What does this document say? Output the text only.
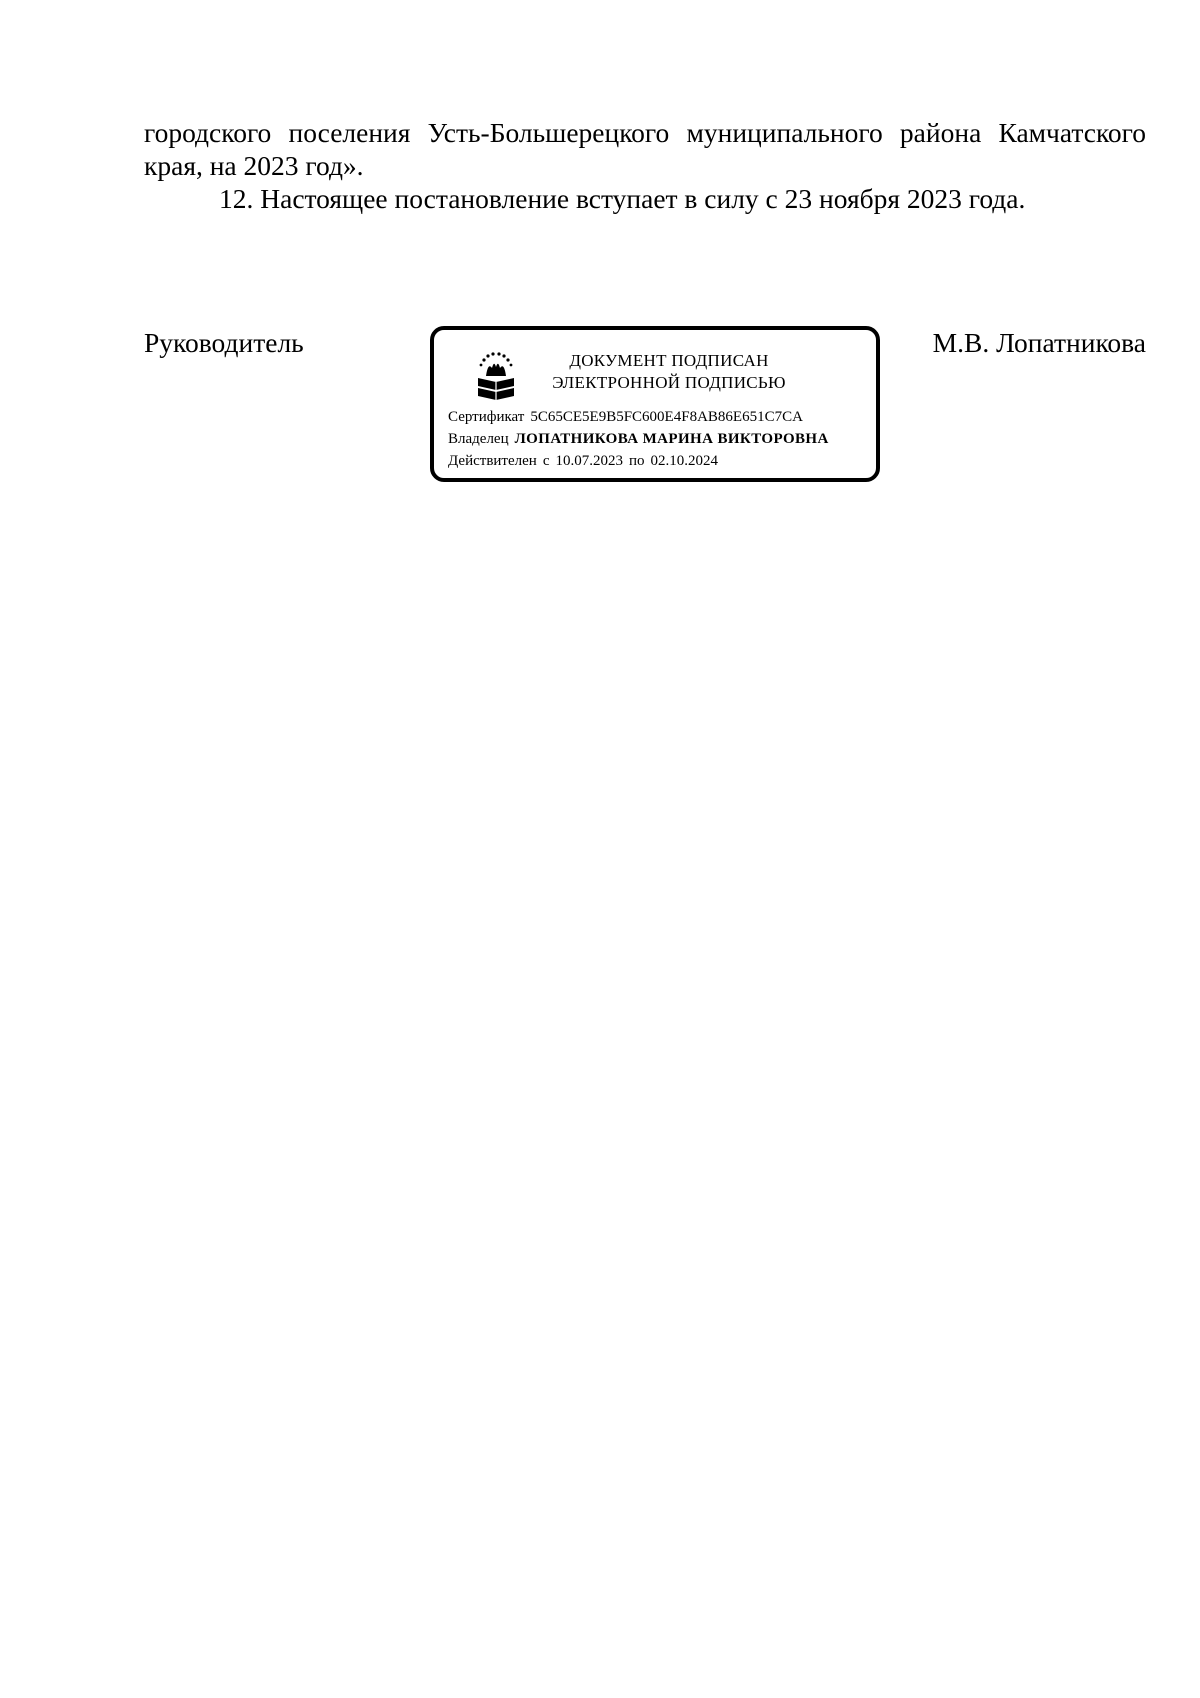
городского поселения Усть-Большерецкого муниципального района Камчатского края, на 2023 год».

12. Настоящее постановление вступает в силу с 23 ноября 2023 года.

Руководитель
ДОКУМЕНТ ПОДПИСАН
ЭЛЕКТРОННОЙ ПОДПИСЬЮ
Сертификат 5C65CE5E9B5FC600E4F8AB86E651C7CA
Владелец ЛОПАТНИКОВА МАРИНА ВИКТОРОВНА
Действителен с 10.07.2023 по 02.10.2024
М.В. Лопатникова
